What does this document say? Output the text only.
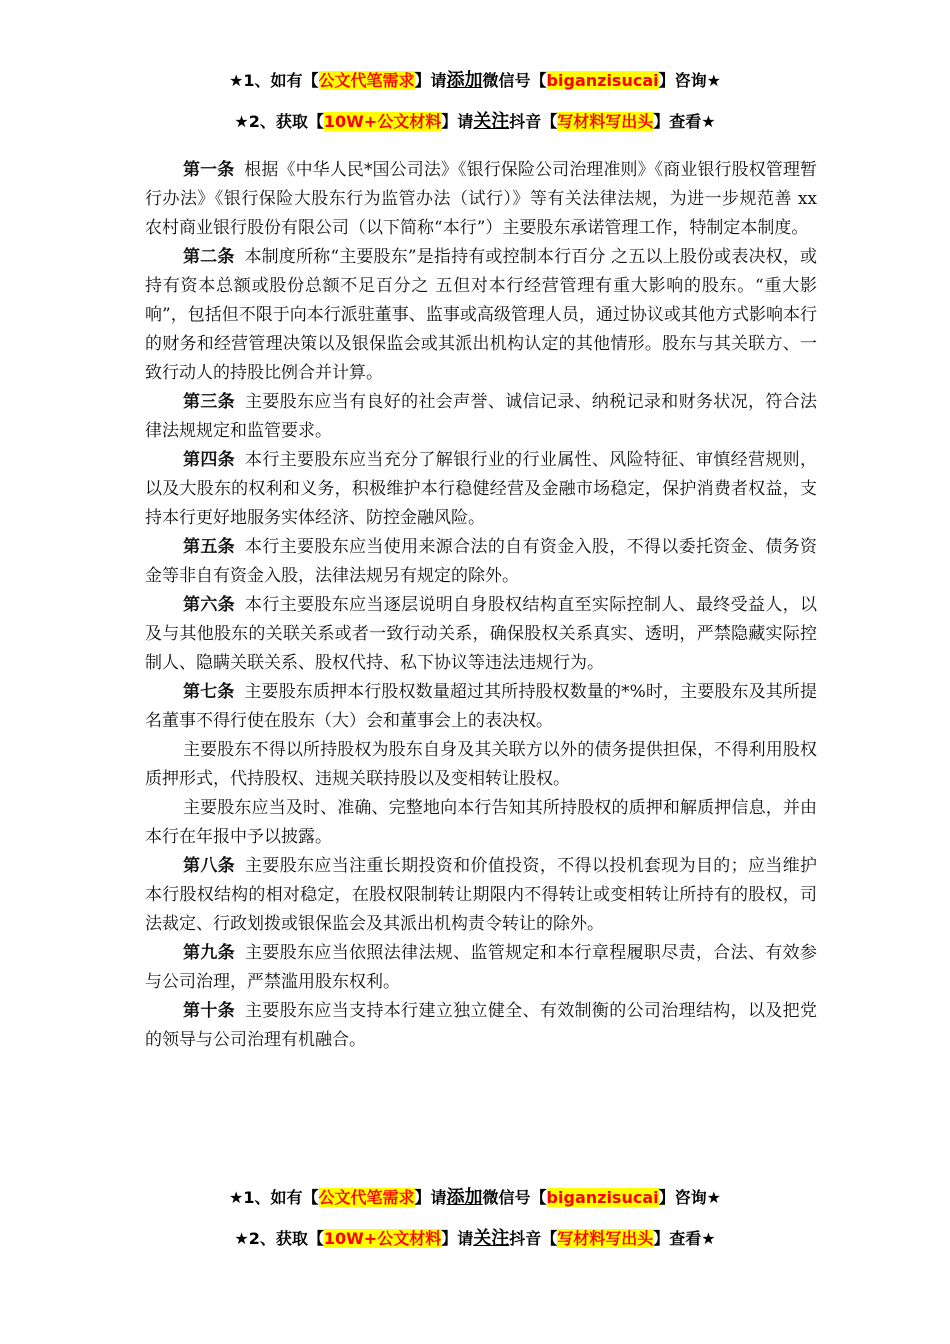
★1、如有【公文代笔需求】请添加微信号【biganzisucai】咨询★
★2、获取【10W+公文材料】请关注抖音【写材料写出头】查看★

第一条 根据《中华人民*国公司法》《银行保险公司治理准则》《商业银行股权管理暂行办法》《银行保险大股东行为监管办法（试行）》等有关法律法规，为进一步规范善 xx 农村商业银行股份有限公司（以下简称“本行”）主要股东承诺管理工作，特制定本制度。

第二条 本制度所称“主要股东”是指持有或控制本行百分 之五以上股份或表决权，或持有资本总额或股份总额不足百分之 五但对本行经营管理有重大影响的股东。“重大影响”，包括但不限于向本行派驻董事、监事或高级管理人员，通过协议或其他方式影响本行的财务和经营管理决策以及银保监会或其派出机构认定的其他情形。股东与其关联方、一致行动人的持股比例合并计算。

第三条 主要股东应当有良好的社会声誉、诚信记录、纳税记录和财务状况，符合法律法规规定和监管要求。

第四条 本行主要股东应当充分了解银行业的行业属性、风险特征、审慎经营规则，以及大股东的权利和义务，积极维护本行稳健经营及金融市场稳定，保护消费者权益，支持本行更好地服务实体经济、防控金融风险。

第五条 本行主要股东应当使用来源合法的自有资金入股，不得以委托资金、债务资金等非自有资金入股，法律法规另有规定的除外。

第六条 本行主要股东应当逐层说明自身股权结构直至实际控制人、最终受益人，以及与其他股东的关联关系或者一致行动关系，确保股权关系真实、透明，严禁隐藏实际控制人、隐瞒关联关系、股权代持、私下协议等违法违规行为。

第七条 主要股东质押本行股权数量超过其所持股权数量的*%时，主要股东及其所提名董事不得行使在股东（大）会和董事会上的表决权。

主要股东不得以所持股权为股东自身及其关联方以外的债务提供担保，不得利用股权质押形式，代持股权、违规关联持股以及变相转让股权。

主要股东应当及时、准确、完整地向本行告知其所持股权的质押和解质押信息，并由本行在年报中予以披露。

第八条 主要股东应当注重长期投资和价值投资，不得以投机套现为目的；应当维护本行股权结构的相对稳定，在股权限制转让期限内不得转让或变相转让所持有的股权，司法裁定、行政划拨或银保监会及其派出机构责令转让的除外。

第九条 主要股东应当依照法律法规、监管规定和本行章程履职尽责，合法、有效参与公司治理，严禁滥用股东权利。

第十条 主要股东应当支持本行建立独立健全、有效制衡的公司治理结构，以及把党的领导与公司治理有机融合。

★1、如有【公文代笔需求】请添加微信号【biganzisucai】咨询★
★2、获取【10W+公文材料】请关注抖音【写材料写出头】查看★
